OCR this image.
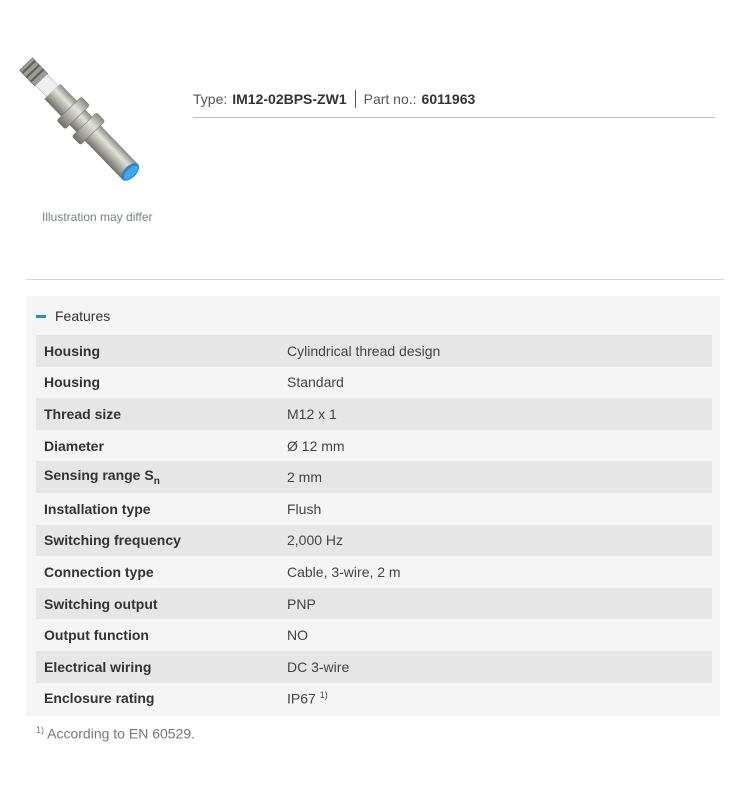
Illustration may differ
Type: IM12-02BPS-ZW1 Part no.: 6011963
Features
Housing	Cylindrical thread design
Housing	Standard
Thread size	M12 x 1
Diameter	Ø 12 mm
Sensing range $S_n$	2 mm
Installation type	Flush
Switching frequency	2,000 Hz
Connection type	Cable, 3-wire, 2 m
Switching output	PNP
Output function	NO
Electrical wiring	DC 3-wire
Enclosure rating	IP67 $^{1)}$
$^{1)}$ According to EN 60529.
